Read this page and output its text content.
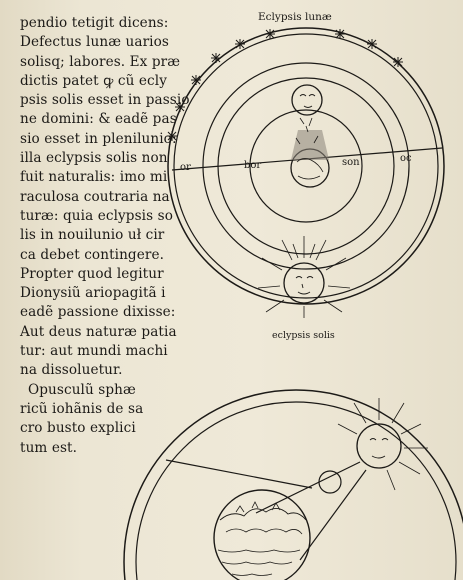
pendio tetigit dicens:
Defectus lunæ uarios
solisq; labores. Ex præ
dictis patet ꝙ cũ ecly
psis solis esset in passio
ne domini: & eadẽ pas
sio esset in plenilunio:
illa eclypsis solis non
fuit naturalis: imo mi
raculosa coutraria na
turæ: quia eclypsis so
lis in nouilunio uł cir
ca debet contingere.
Propter quod legitur
Dionysiũ ariopagitã i
eadẽ passione dixisse:
Aut deus naturæ patia
tur: aut mundi machi
na dissoluetur.
Opusculũ sphæ
ricũ iohãnis de sa
cro busto explici
tum est.
Eclypsis lunæ
eclypsis solis
or	bor	son	oc
